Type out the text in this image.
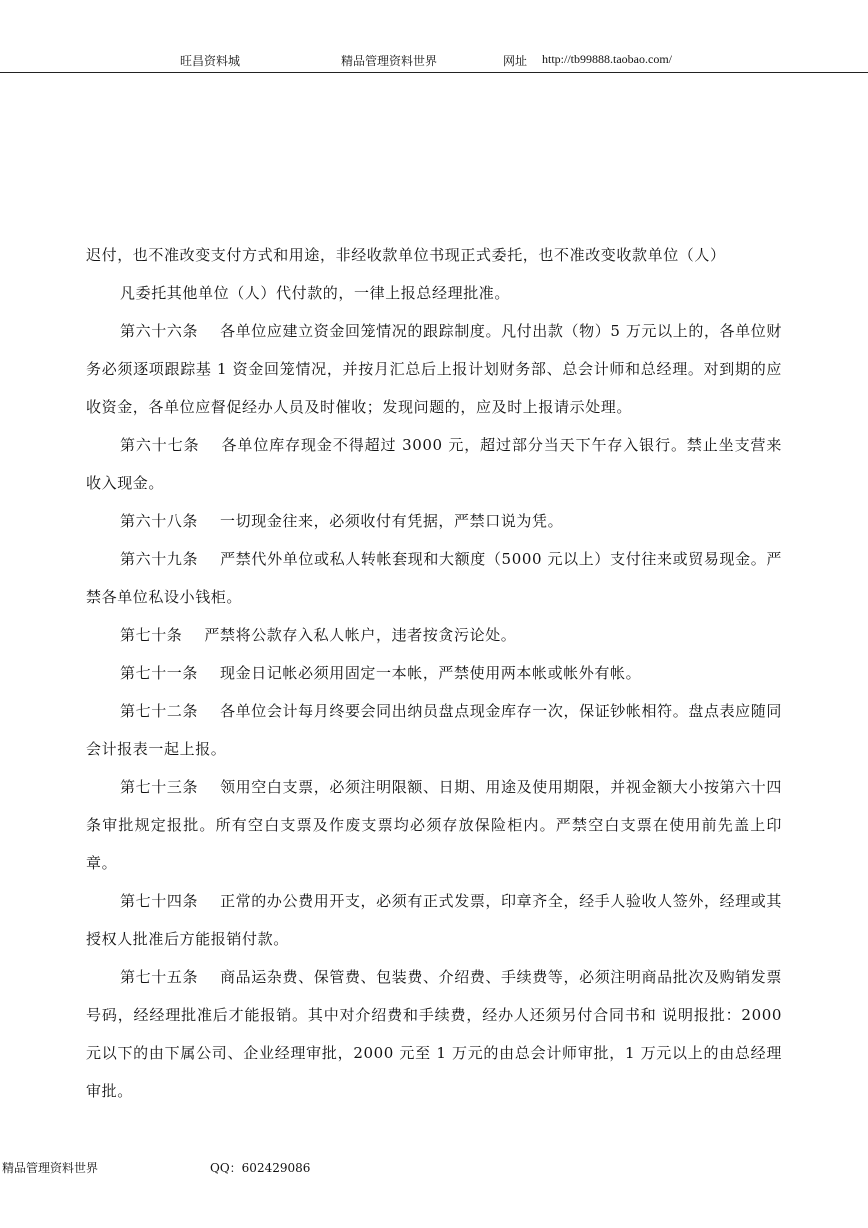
旺昌资料城	精品管理资料世界	网址 http://tb99888.taobao.com/

迟付，也不准改变支付方式和用途，非经收款单位书现正式委托，也不准改变收款单位（人）

凡委托其他单位（人）代付款的，一律上报总经理批准。

第六十六条 各单位应建立资金回笼情况的跟踪制度。凡付出款（物）5 万元以上的，各单位财务必须逐项跟踪基 1 资金回笼情况，并按月汇总后上报计划财务部、总会计师和总经理。对到期的应收资金，各单位应督促经办人员及时催收；发现问题的，应及时上报请示处理。

第六十七条 各单位库存现金不得超过 3000 元，超过部分当天下午存入银行。禁止坐支营来收入现金。

第六十八条 一切现金往来，必须收付有凭据，严禁口说为凭。

第六十九条 严禁代外单位或私人转帐套现和大额度（5000 元以上）支付往来或贸易现金。严禁各单位私设小钱柜。

第七十条 严禁将公款存入私人帐户，违者按贪污论处。

第七十一条 现金日记帐必须用固定一本帐，严禁使用两本帐或帐外有帐。

第七十二条 各单位会计每月终要会同出纳员盘点现金库存一次，保证钞帐相符。盘点表应随同会计报表一起上报。

第七十三条 领用空白支票，必须注明限额、日期、用途及使用期限，并视金额大小按第六十四条审批规定报批。所有空白支票及作废支票均必须存放保险柜内。严禁空白支票在使用前先盖上印章。

第七十四条 正常的办公费用开支，必须有正式发票，印章齐全，经手人验收人签外，经理或其授权人批准后方能报销付款。

第七十五条 商品运杂费、保管费、包装费、介绍费、手续费等，必须注明商品批次及购销发票号码，经经理批准后才能报销。其中对介绍费和手续费，经办人还须另付合同书和 说明报批：2000 元以下的由下属公司、企业经理审批，2000 元至 1 万元的由总会计师审批，1 万元以上的由总经理审批。

精品管理资料世界	QQ：602429086
